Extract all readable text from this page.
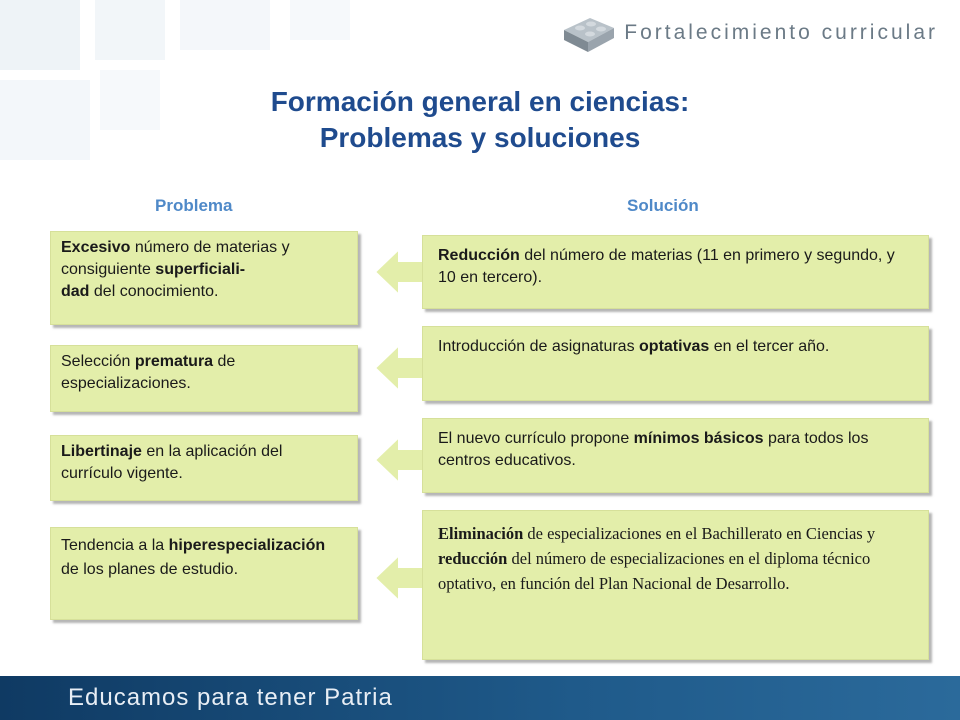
Fortalecimiento curricular
Formación general en ciencias:
Problemas y soluciones
Problema	Solución
Excesivo número de materias y consiguiente superficiali-
dad del conocimiento.
Selección prematura de especializaciones.
Libertinaje en la aplicación del currículo vigente.
Tendencia a la hiperespecialización de los planes de estudio.
Reducción del número de materias (11 en primero y segundo, y 10 en tercero).
Introducción de asignaturas optativas en el tercer año.
El nuevo currículo propone mínimos básicos para todos los centros educativos.
Eliminación de especializaciones en el Bachillerato en Ciencias y reducción del número de especializaciones en el diploma técnico optativo, en función del Plan Nacional de Desarrollo.
Educamos para tener Patria
